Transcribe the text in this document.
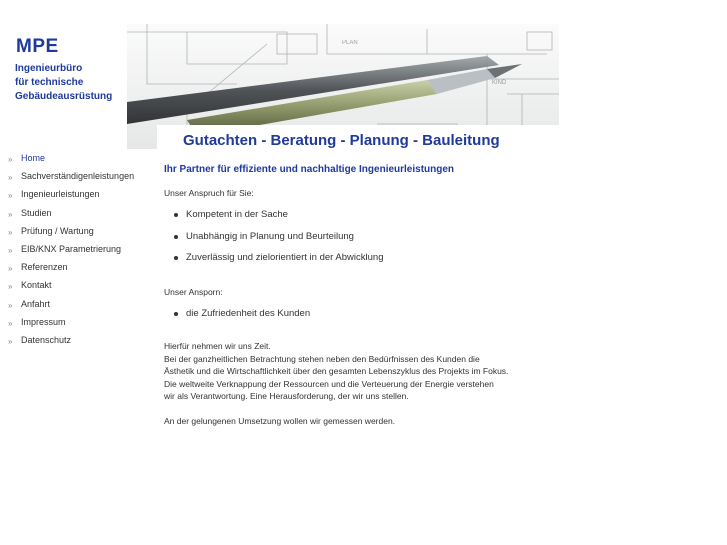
MPE
Ingenieurbüro
für technische
Gebäudeausrüstung
KIND
PLAN
Gutachten - Beratung - Planung - Bauleitung
» Home
» Sachverständigenleistungen
» Ingenieurleistungen
» Studien
» Prüfung / Wartung
» EIB/KNX Parametrierung
» Referenzen
» Kontakt
» Anfahrt
» Impressum
» Datenschutz
Ihr Partner für effiziente und nachhaltige Ingenieurleistungen
Unser Anspruch für Sie:
Kompetent in der Sache
Unabhängig in Planung und Beurteilung
Zuverlässig und zielorientiert in der Abwicklung
Unser Ansporn:
die Zufriedenheit des Kunden
Hierfür nehmen wir uns Zeit.
Bei der ganzheitlichen Betrachtung stehen neben den Bedürfnissen des Kunden die
Ästhetik und die Wirtschaftlichkeit über den gesamten Lebenszyklus des Projekts im Fokus.
Die weltweite Verknappung der Ressourcen und die Verteuerung der Energie verstehen
wir als Verantwortung. Eine Herausforderung, der wir uns stellen.
An der gelungenen Umsetzung wollen wir gemessen werden.
